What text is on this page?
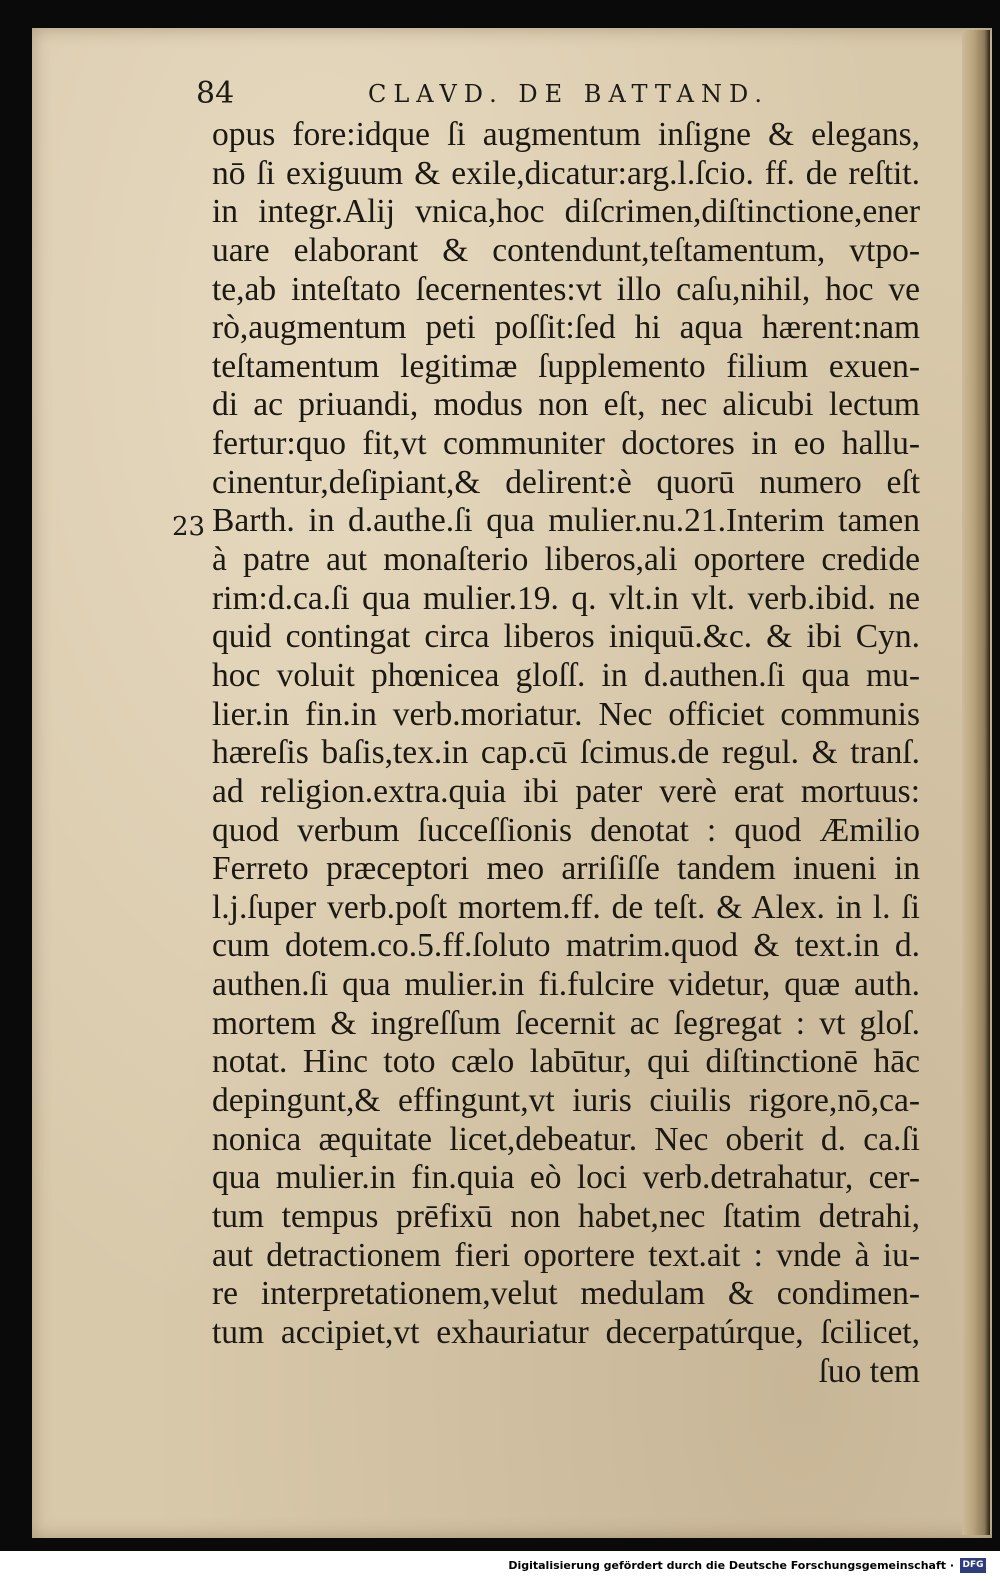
84	CLAVD. DE BATTAND.
23
opus fore:idque ſi augmentum inſigne & elegans,
nō ſi exiguum & exile,dicatur:arg.l.ſcio. ff. de reſtit.
in integr.Alij vnica,hoc diſcrimen,diſtinctione,ener
uare elaborant & contendunt,teſtamentum, vtpo-
te,ab inteſtato ſecernentes:vt illo caſu,nihil, hoc ve
rò,augmentum peti poſſit:ſed hi aqua hærent:nam
teſtamentum legitimæ ſupplemento filium exuen-
di ac priuandi, modus non eſt, nec alicubi lectum
fertur:quo fit,vt communiter doctores in eo hallu-
cinentur,deſipiant,& delirent:è quorū numero eſt
Barth. in d.authe.ſi qua mulier.nu.21.Interim tamen
à patre aut monaſterio liberos,ali oportere credide
rim:d.ca.ſi qua mulier.19. q. vlt.in vlt. verb.ibid. ne
quid contingat circa liberos iniquū.&c. & ibi Cyn.
hoc voluit phœnicea gloſſ. in d.authen.ſi qua mu-
lier.in fin.in verb.moriatur. Nec officiet communis
hæreſis baſis,tex.in cap.cū ſcimus.de regul. & tranſ.
ad religion.extra.quia ibi pater verè erat mortuus:
quod verbum ſucceſſionis denotat : quod Æmilio
Ferreto præceptori meo arriſiſſe tandem inueni in
l.j.ſuper verb.poſt mortem.ff. de teſt. & Alex. in l. ſi
cum dotem.co.5.ff.ſoluto matrim.quod & text.in d.
authen.ſi qua mulier.in fi.fulcire videtur, quæ auth.
mortem & ingreſſum ſecernit ac ſegregat : vt gloſ.
notat. Hinc toto cælo labūtur, qui diſtinctionē hāc
depingunt,& effingunt,vt iuris ciuilis rigore,nō,ca-
nonica æquitate licet,debeatur. Nec oberit d. ca.ſi
qua mulier.in fin.quia eò loci verb.detrahatur, cer-
tum tempus prēfixū non habet,nec ſtatim detrahi,
aut detractionem fieri oportere text.ait : vnde à iu-
re interpretationem,velut medulam & condimen-
tum accipiet,vt exhauriatur decerpatúrque, ſcilicet,
ſuo tem
Digitalisierung gefördert durch die Deutsche Forschungsgemeinschaft · DFG
